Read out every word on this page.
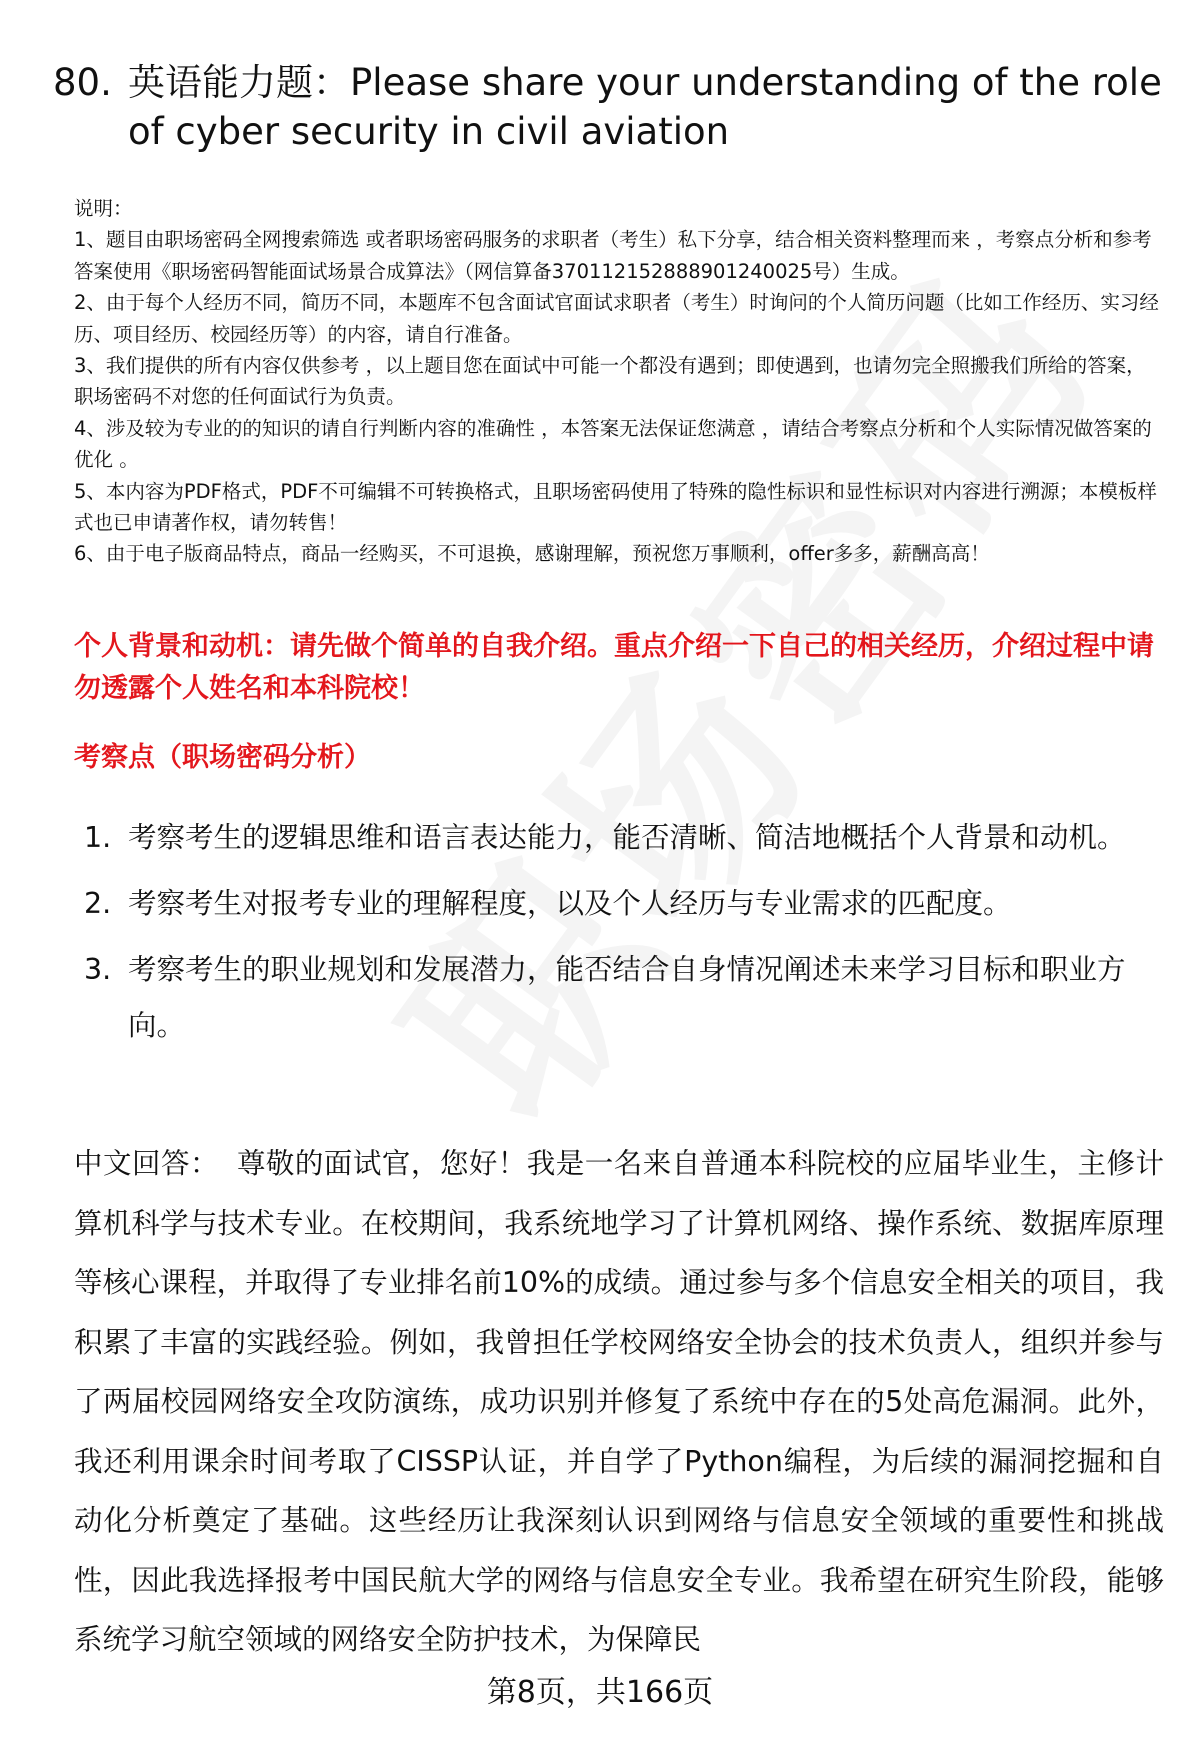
80. 英语能力题：Please share your understanding of the role of cyber security in civil aviation

说明：

1、题目由职场密码全网搜索筛选 或者职场密码服务的求职者（考生）私下分享，结合相关资料整理而来 ，考察点分析和参考答案使用《职场密码智能面试场景合成算法》（网信算备370112152888901240025号）生成。

2、由于每个人经历不同，简历不同，本题库不包含面试官面试求职者（考生）时询问的个人简历问题（比如工作经历、实习经历、项目经历、校园经历等）的内容，请自行准备。

3、我们提供的所有内容仅供参考 ，以上题目您在面试中可能一个都没有遇到；即使遇到，也请勿完全照搬我们所给的答案，职场密码不对您的任何面试行为负责。

4、涉及较为专业的的知识的请自行判断内容的准确性 ，本答案无法保证您满意 ，请结合考察点分析和个人实际情况做答案的优化 。

5、本内容为PDF格式，PDF不可编辑不可转换格式，且职场密码使用了特殊的隐性标识和显性标识对内容进行溯源；本模板样式也已申请著作权，请勿转售！

6、由于电子版商品特点，商品一经购买，不可退换，感谢理解，预祝您万事顺利，offer多多，薪酬高高！

个人背景和动机：请先做个简单的自我介绍。重点介绍一下自己的相关经历，介绍过程中请勿透露个人姓名和本科院校！
考察点（职场密码分析）
1. 考察考生的逻辑思维和语言表达能力，能否清晰、简洁地概括个人背景和动机。
2. 考察考生对报考专业的理解程度，以及个人经历与专业需求的匹配度。
3. 考察考生的职业规划和发展潜力，能否结合自身情况阐述未来学习目标和职业方向。
中文回答： 尊敬的面试官，您好！我是一名来自普通本科院校的应届毕业生，主修计算机科学与技术专业。在校期间，我系统地学习了计算机网络、操作系统、数据库原理等核心课程，并取得了专业排名前10%的成绩。通过参与多个信息安全相关的项目，我积累了丰富的实践经验。例如，我曾担任学校网络安全协会的技术负责人，组织并参与了两届校园网络安全攻防演练，成功识别并修复了系统中存在的5处高危漏洞。此外，我还利用课余时间考取了CISSP认证，并自学了Python编程，为后续的漏洞挖掘和自动化分析奠定了基础。这些经历让我深刻认识到网络与信息安全领域的重要性和挑战性，因此我选择报考中国民航大学的网络与信息安全专业。我希望在研究生阶段，能够系统学习航空领域的网络安全防护技术，为保障民
第8页，共166页
